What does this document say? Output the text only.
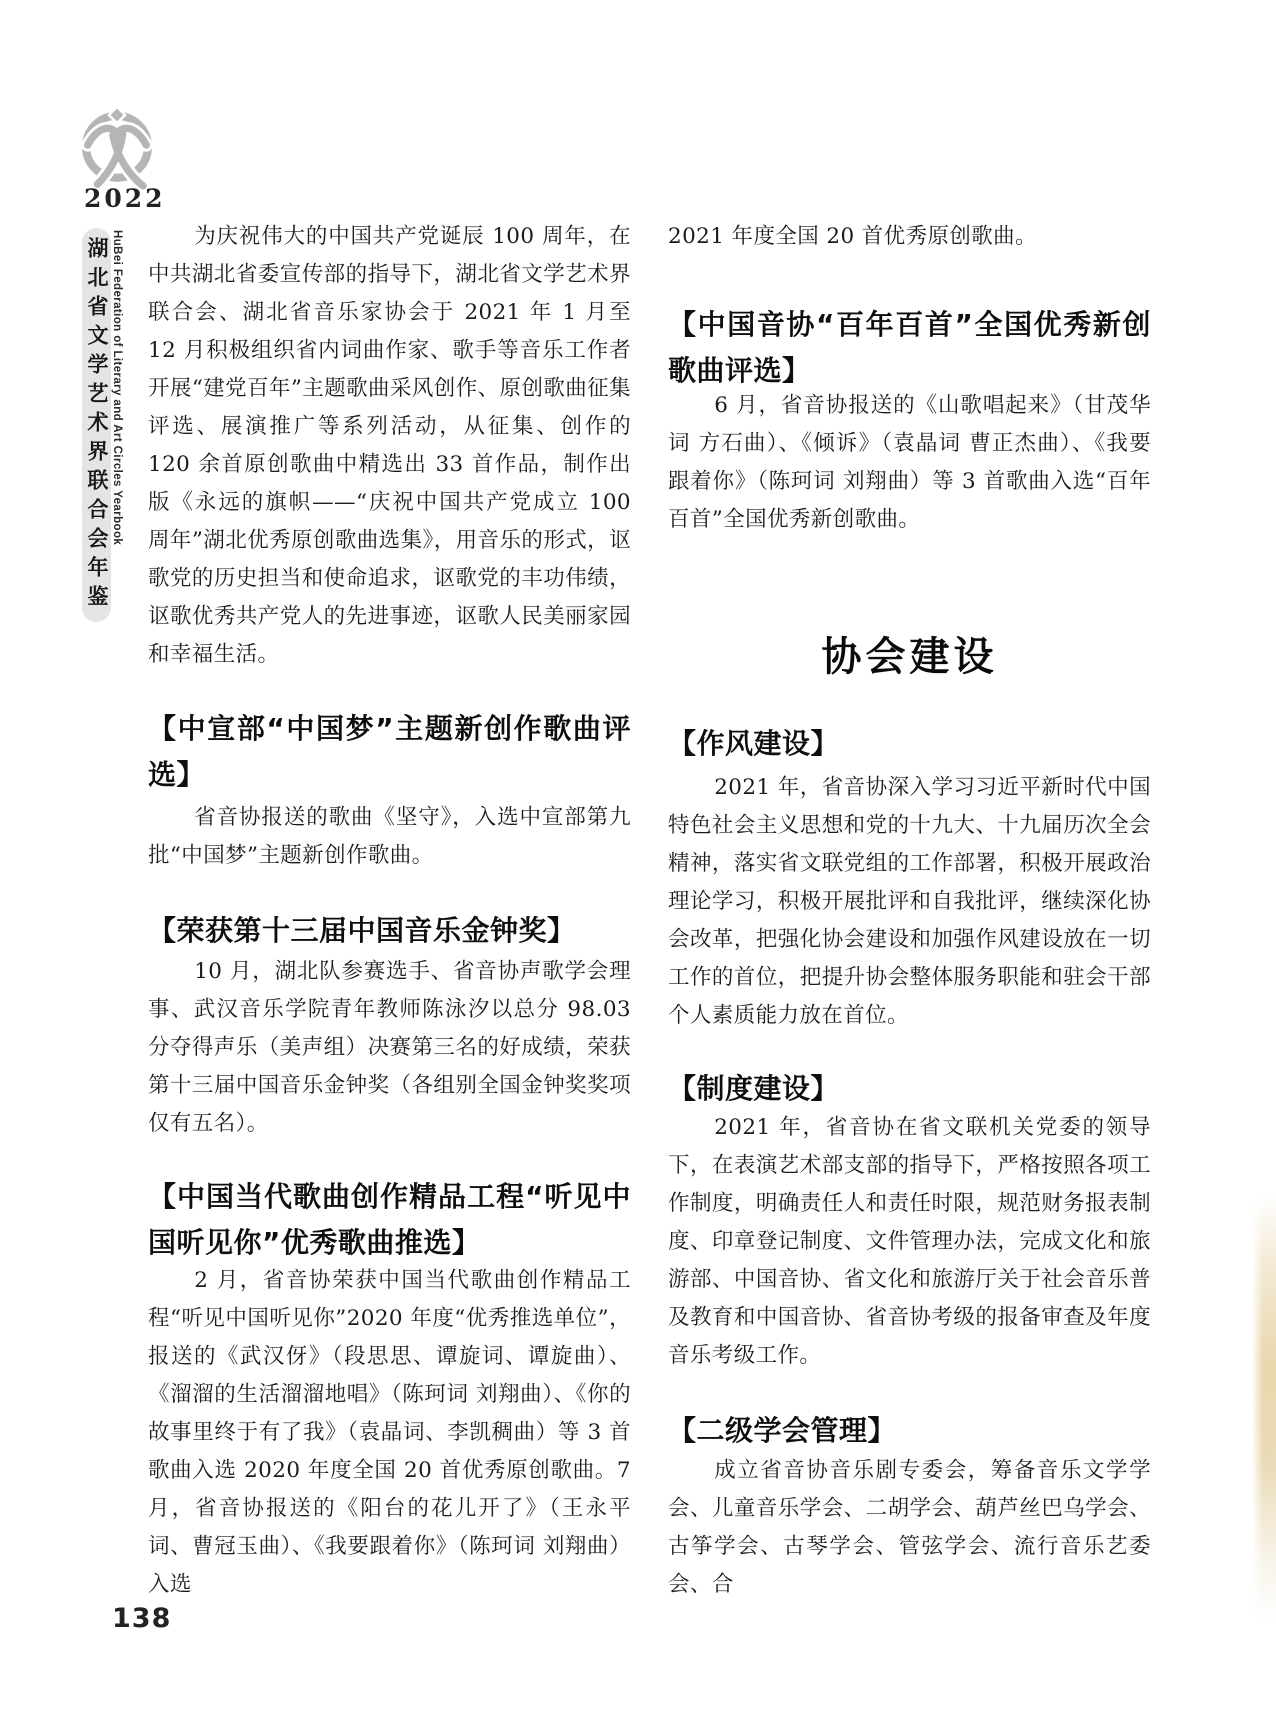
2022
湖北省文学艺术界联合会年鉴 HuBei Federation of Literary and Art Circles Yearbook	为庆祝伟大的中国共产党诞辰 100 周年，在中共湖北省委宣传部的指导下，湖北省文学艺术界联合会、湖北省音乐家协会于 2021 年 1 月至 12 月积极组织省内词曲作家、歌手等音乐工作者开展“建党百年”主题歌曲采风创作、原创歌曲征集评选、展演推广等系列活动，从征集、创作的 120 余首原创歌曲中精选出 33 首作品，制作出版《永远的旗帜——“庆祝中国共产党成立 100 周年”湖北优秀原创歌曲选集》，用音乐的形式，讴歌党的历史担当和使命追求，讴歌党的丰功伟绩，讴歌优秀共产党人的先进事迹，讴歌人民美丽家园和幸福生活。
【中宣部“中国梦”主题新创作歌曲评选】
省音协报送的歌曲《坚守》，入选中宣部第九批“中国梦”主题新创作歌曲。
【荣获第十三届中国音乐金钟奖】
10 月，湖北队参赛选手、省音协声歌学会理事、武汉音乐学院青年教师陈泳汐以总分 98.03 分夺得声乐（美声组）决赛第三名的好成绩，荣获第十三届中国音乐金钟奖（各组别全国金钟奖奖项仅有五名）。
【中国当代歌曲创作精品工程“听见中国听见你”优秀歌曲推选】
2 月，省音协荣获中国当代歌曲创作精品工程“听见中国听见你”2020 年度“优秀推选单位”，报送的《武汉伢》（段思思、谭旋词、谭旋曲）、《溜溜的生活溜溜地唱》（陈珂词 刘翔曲）、《你的故事里终于有了我》（袁晶词、李凯稠曲）等 3 首歌曲入选 2020 年度全国 20 首优秀原创歌曲。7 月，省音协报送的《阳台的花儿开了》（王永平词、曹冠玉曲）、《我要跟着你》（陈珂词 刘翔曲）入选
2021 年度全国 20 首优秀原创歌曲。
【中国音协“百年百首”全国优秀新创歌曲评选】
6 月，省音协报送的《山歌唱起来》（甘茂华词 方石曲）、《倾诉》（袁晶词 曹正杰曲）、《我要跟着你》（陈珂词 刘翔曲）等 3 首歌曲入选“百年百首”全国优秀新创歌曲。
协会建设
【作风建设】
2021 年，省音协深入学习习近平新时代中国特色社会主义思想和党的十九大、十九届历次全会精神，落实省文联党组的工作部署，积极开展政治理论学习，积极开展批评和自我批评，继续深化协会改革，把强化协会建设和加强作风建设放在一切工作的首位，把提升协会整体服务职能和驻会干部个人素质能力放在首位。
【制度建设】
2021 年，省音协在省文联机关党委的领导下，在表演艺术部支部的指导下，严格按照各项工作制度，明确责任人和责任时限，规范财务报表制度、印章登记制度、文件管理办法，完成文化和旅游部、中国音协、省文化和旅游厅关于社会音乐普及教育和中国音协、省音协考级的报备审查及年度音乐考级工作。
【二级学会管理】
成立省音协音乐剧专委会，筹备音乐文学学会、儿童音乐学会、二胡学会、葫芦丝巴乌学会、古筝学会、古琴学会、管弦学会、流行音乐艺委会、合
138
